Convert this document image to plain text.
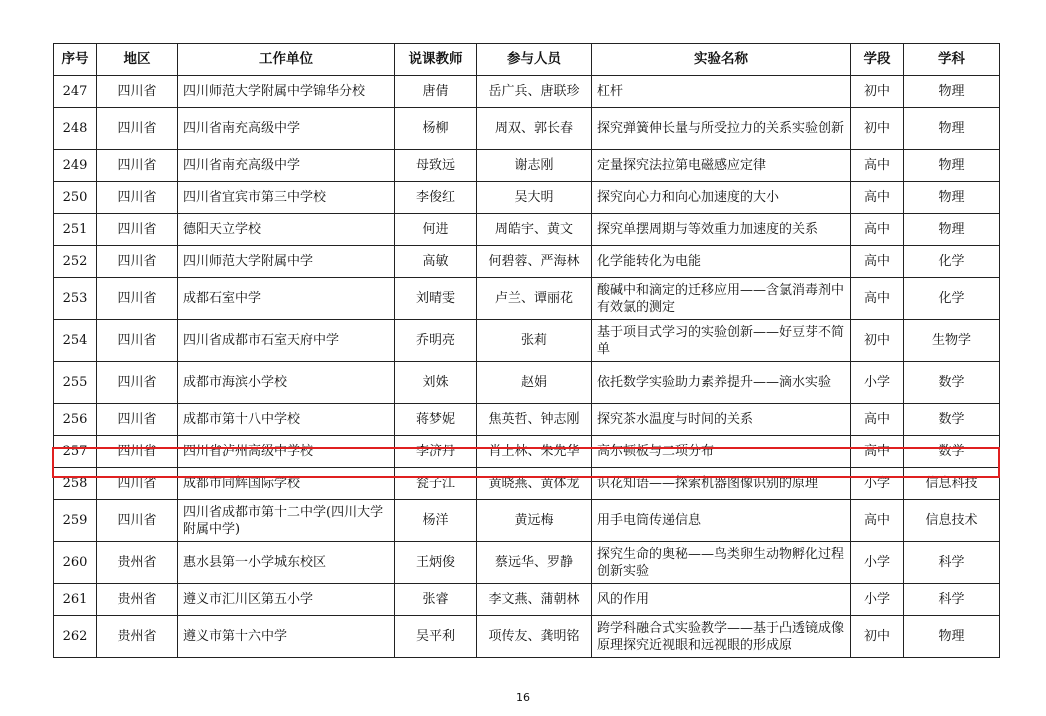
序号	地区	工作单位	说课教师	参与人员	实验名称	学段	学科
247	四川省	四川师范大学附属中学锦华分校	唐倩	岳广兵、唐联珍	杠杆	初中	物理
248	四川省	四川省南充高级中学	杨柳	周双、郭长春	探究弹簧伸长量与所受拉力的关系实验创新	初中	物理
249	四川省	四川省南充高级中学	母致远	谢志刚	定量探究法拉第电磁感应定律	高中	物理
250	四川省	四川省宜宾市第三中学校	李俊红	吴大明	探究向心力和向心加速度的大小	高中	物理
251	四川省	德阳天立学校	何进	周皓宇、黄文	探究单摆周期与等效重力加速度的关系	高中	物理
252	四川省	四川师范大学附属中学	高敏	何碧蓉、严海林	化学能转化为电能	高中	化学
253	四川省	成都石室中学	刘晴雯	卢兰、谭丽花	酸碱中和滴定的迁移应用——含氯消毒剂中有效氯的测定	高中	化学
254	四川省	四川省成都市石室天府中学	乔明亮	张莉	基于项目式学习的实验创新——好豆芽不简单	初中	生物学
255	四川省	成都市海滨小学校	刘姝	赵娟	依托数学实验助力素养提升——滴水实验	小学	数学
256	四川省	成都市第十八中学校	蒋梦妮	焦英哲、钟志刚	探究茶水温度与时间的关系	高中	数学
257	四川省	四川省泸州高级中学校	李济丹	肖上林、朱先华	高尔顿板与二项分布	高中	数学
258	四川省	成都市同辉国际学校	瓮子江	黄晓燕、黄体龙	识花知语——探索机器图像识别的原理	小学	信息科技
259	四川省	四川省成都市第十二中学(四川大学附属中学)	杨洋	黄远梅	用手电筒传递信息	高中	信息技术
260	贵州省	惠水县第一小学城东校区	王炳俊	蔡远华、罗静	探究生命的奥秘——鸟类卵生动物孵化过程创新实验	小学	科学
261	贵州省	遵义市汇川区第五小学	张睿	李文燕、蒲朝林	风的作用	小学	科学
262	贵州省	遵义市第十六中学	吴平利	项传友、龚明铭	跨学科融合式实验教学——基于凸透镜成像原理探究近视眼和远视眼的形成原	初中	物理
16
